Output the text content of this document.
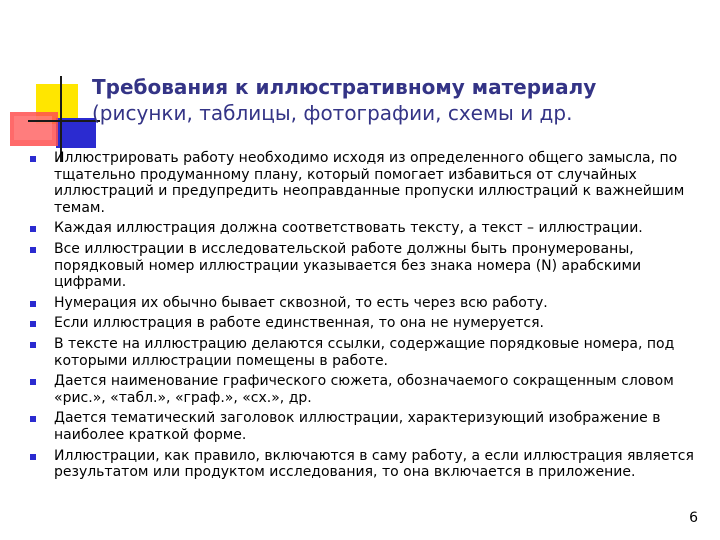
Требования к иллюстративному материалу
(рисунки, таблицы, фотографии, схемы и др.
Иллюстрировать работу необходимо исходя из определенного общего замысла, по тщательно продуманному плану, который помогает избавиться от случайных иллюстраций и предупредить неоправданные пропуски иллюстраций к важнейшим темам.
Каждая иллюстрация должна соответствовать тексту, а текст – иллюстрации.
Все иллюстрации в исследовательской работе должны быть пронумерованы, порядковый номер иллюстрации указывается без знака номера (N) арабскими цифрами.
Нумерация их обычно бывает сквозной, то есть через всю работу.
Если иллюстрация в работе единственная, то она не нумеруется.
В тексте на иллюстрацию делаются ссылки, содержащие порядковые номера, под которыми иллюстрации помещены в работе.
Дается наименование графического сюжета, обозначаемого сокращенным словом «рис.», «табл.», «граф.», «сх.», др.
Дается тематический заголовок иллюстрации, характеризующий изображение в наиболее краткой форме.
Иллюстрации, как правило, включаются в саму работу, а если иллюстрация является результатом или продуктом исследования, то она включается в приложение.
6
